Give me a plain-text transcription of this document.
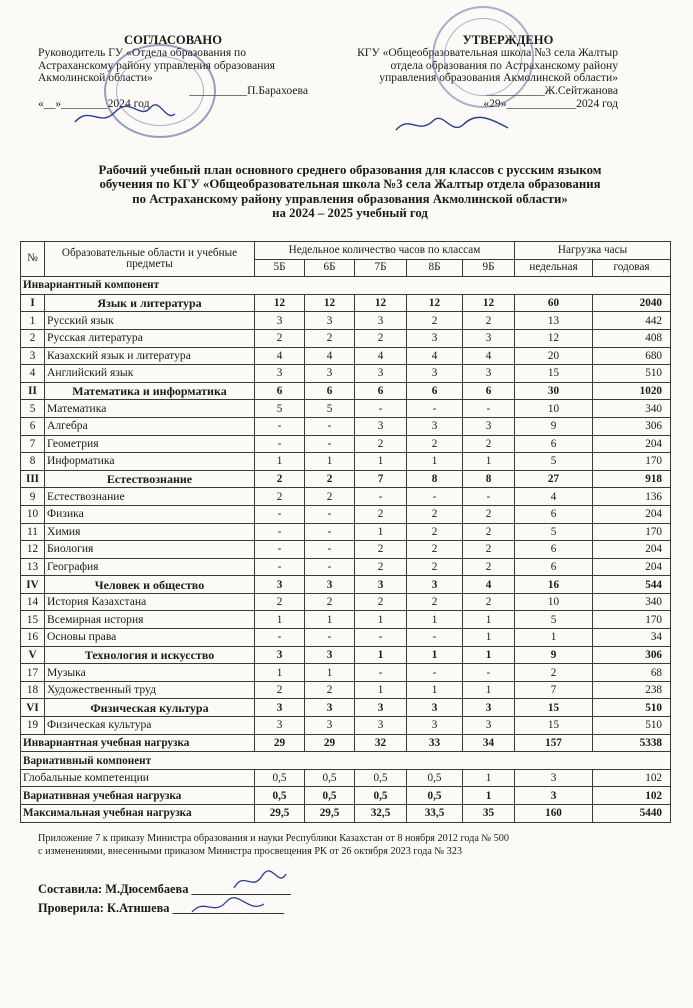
СОГЛАСОВАНО
Руководитель ГУ «Отдела образования по
Астраханскому району управления образования
Акмолинской области»
__________П.Барахоева
«__»________2024 год
УТВЕРЖДЕНО
КГУ «Общеобразовательная школа №3 села Жалтыр
отдела образования по Астраханскому району
управления образования Акмолинской области»
__________Ж.Сейтжанова
«29»____________2024 год
Рабочий учебный план основного среднего образования для классов с русским языком
обучения по КГУ «Общеобразовательная школа №3 села Жалтыр отдела образования
по Астраханскому району управления образования Акмолинской области»
на 2024 – 2025 учебный год
№	Образовательные области и учебные предметы	Недельное количество часов по классам					Нагрузка часы	
		5Б	6Б	7Б	8Б	9Б	недельная	годовая
Инвариантный компонент								
I	Язык и литература	12	12	12	12	12	60	2040
1	Русский язык	3	3	3	2	2	13	442
2	Русская литература	2	2	2	3	3	12	408
3	Казахский язык и литература	4	4	4	4	4	20	680
4	Английский язык	3	3	3	3	3	15	510
II	Математика и информатика	6	6	6	6	6	30	1020
5	Математика	5	5	-	-	-	10	340
6	Алгебра	-	-	3	3	3	9	306
7	Геометрия	-	-	2	2	2	6	204
8	Информатика	1	1	1	1	1	5	170
III	Естествознание	2	2	7	8	8	27	918
9	Естествознание	2	2	-	-	-	4	136
10	Физика	-	-	2	2	2	6	204
11	Химия	-	-	1	2	2	5	170
12	Биология	-	-	2	2	2	6	204
13	География	-	-	2	2	2	6	204
IV	Человек и общество	3	3	3	3	4	16	544
14	История Казахстана	2	2	2	2	2	10	340
15	Всемирная история	1	1	1	1	1	5	170
16	Основы права	-	-	-	-	1	1	34
V	Технология и искусство	3	3	1	1	1	9	306
17	Музыка	1	1	-	-	-	2	68
18	Художественный труд	2	2	1	1	1	7	238
VI	Физическая культура	3	3	3	3	3	15	510
19	Физическая культура	3	3	3	3	3	15	510
Инвариантная учебная нагрузка		29	29	32	33	34	157	5338
Вариативный компонент								
Глобальные компетенции		0,5	0,5	0,5	0,5	1	3	102
Вариативная учебная нагрузка		0,5	0,5	0,5	0,5	1	3	102
Максимальная учебная нагрузка		29,5	29,5	32,5	33,5	35	160	5440
Приложение 7 к приказу Министра образования и науки Республики Казахстан от 8 ноября 2012 года № 500
с изменениями, внесенными приказом Министра просвещения РК от 26 октября 2023 года № 323
Составила: М.Дюсембаева ________________
Проверила: К.Атишева __________________
